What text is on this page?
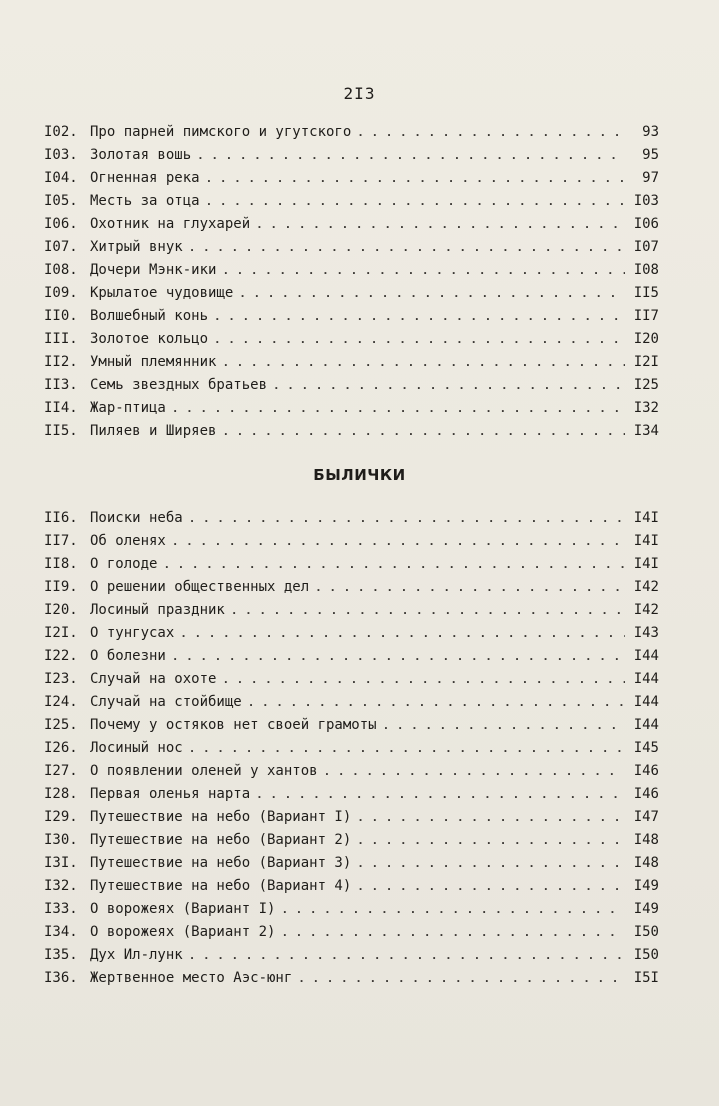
2I3
I02. Про парней пимского и угутского . . .	93
I03. Золотая вошь . . .	95
I04. Огненная река . . .	97
I05. Месть за отца . . .	I03
I06. Охотник на глухарей . . .	I06
I07. Хитрый внук . . .	I07
I08. Дочери Мэнк-ики . . .	I08
I09. Крылатое чудовище . . .	II5
II0. Волшебный конь . . .	II7
III. Золотое кольцо . . .	I20
II2. Умный племянник . . .	I2I
II3. Семь звездных братьев . . .	I25
II4. Жар-птица . . .	I32
II5. Пиляев и Ширяев . . .	I34
БЫЛИЧКИ
II6. Поиски неба . . .	I4I
II7. Об оленях . . .	I4I
II8. О голоде . . .	I4I
II9. О решении общественных дел . . .	I42
I20. Лосиный праздник . . .	I42
I2I. О тунгусах . . .	I43
I22. О болезни . . .	I44
I23. Случай на охоте . . .	I44
I24. Случай на стойбище . . .	I44
I25. Почему у остяков нет своей грамоты . . .	I44
I26. Лосиный нос . . .	I45
I27. О появлении оленей у хантов . . .	I46
I28. Первая оленья нарта . . .	I46
I29. Путешествие на небо (Вариант I) . . .	I47
I30. Путешествие на небо (Вариант 2) . . .	I48
I3I. Путешествие на небо (Вариант 3) . . .	I48
I32. Путешествие на небо (Вариант 4) . . .	I49
I33. О ворожеях (Вариант I) . . .	I49
I34. О ворожеях (Вариант 2) . . .	I50
I35. Дух Ил-лунк . . .	I50
I36. Жертвенное место Аэс-юнг . . .	I5I
